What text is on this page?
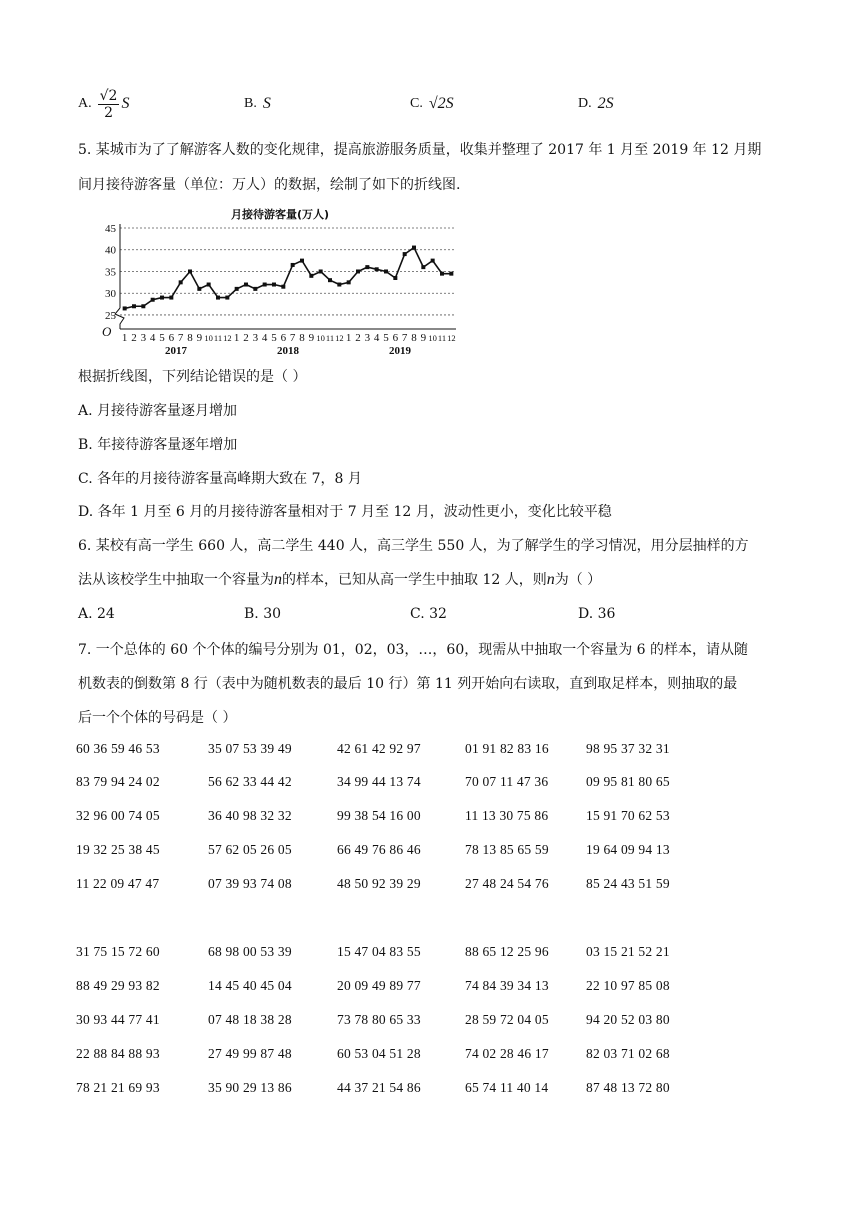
A. $\frac{√2}{2}$ S	B. S	C. √2S	D. 2S
5. 某城市为了了解游客人数的变化规律，提高旅游服务质量，收集并整理了 2017 年 1 月至 2019 年 12 月期
间月接待游客量（单位：万人）的数据，绘制了如下的折线图.
月接待游客量(万人)
25
30
35
40
45
1 2 3 4 5 6 7 8 9 10 11 12 1 2 3 4 5 6 7 8 9 10 11 12 1 2 3 4 5 6 7 8 9 10 11 12
2017	2018	2019
O
根据折线图，下列结论错误的是（ ）
A. 月接待游客量逐月增加
B. 年接待游客量逐年增加
C. 各年的月接待游客量高峰期大致在 7，8 月
D. 各年 1 月至 6 月的月接待游客量相对于 7 月至 12 月，波动性更小，变化比较平稳
6. 某校有高一学生 660 人，高二学生 440 人，高三学生 550 人，为了解学生的学习情况，用分层抽样的方
法从该校学生中抽取一个容量为n的样本，已知从高一学生中抽取 12 人，则n为（ ）
A. 24	B. 30	C. 32	D. 36
7. 一个总体的 60 个个体的编号分别为 01，02，03，…，60，现需从中抽取一个容量为 6 的样本，请从随
机数表的倒数第 8 行（表中为随机数表的最后 10 行）第 11 列开始向右读取，直到取足样本，则抽取的最
后一个个体的号码是（ ）
60 36 59 46 53	35 07 53 39 49	42 61 42 92 97	01 91 82 83 16	98 95 37 32 31
83 79 94 24 02	56 62 33 44 42	34 99 44 13 74	70 07 11 47 36	09 95 81 80 65
32 96 00 74 05	36 40 98 32 32	99 38 54 16 00	11 13 30 75 86	15 91 70 62 53
19 32 25 38 45	57 62 05 26 05	66 49 76 86 46	78 13 85 65 59	19 64 09 94 13
11 22 09 47 47	07 39 93 74 08	48 50 92 39 29	27 48 24 54 76	85 24 43 51 59
31 75 15 72 60	68 98 00 53 39	15 47 04 83 55	88 65 12 25 96	03 15 21 52 21
88 49 29 93 82	14 45 40 45 04	20 09 49 89 77	74 84 39 34 13	22 10 97 85 08
30 93 44 77 41	07 48 18 38 28	73 78 80 65 33	28 59 72 04 05	94 20 52 03 80
22 88 84 88 93	27 49 99 87 48	60 53 04 51 28	74 02 28 46 17	82 03 71 02 68
78 21 21 69 93	35 90 29 13 86	44 37 21 54 86	65 74 11 40 14	87 48 13 72 80
